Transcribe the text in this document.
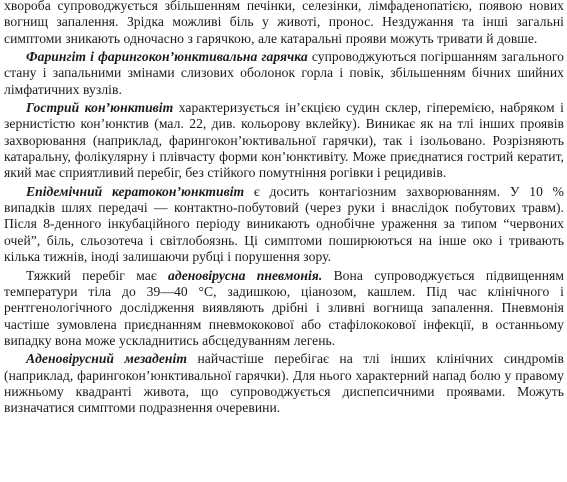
хвороба супроводжується збільшенням печінки, селезінки, лімфаденопатією, появою нових вогнищ запалення. Зрідка можливі біль у животі, пронос. Нездужання та інші загальні симптоми зникають одночасно з гарячкою, але катаральні прояви можуть тривати й довше.

Фарингіт і фарингокон’юнктивальна гарячка супроводжуються погіршанням загального стану і запальними змінами слизових оболонок горла і повік, збільшенням бічних шийних лімфатичних вузлів.

Гострий кон’юнктивіт характеризується ін’єкцією судин склер, гіперемією, набряком і зернистістю кон’юнктив (мал. 22, див. кольорову вклейку). Виникає як на тлі інших проявів захворювання (наприклад, фарингокон’юктивальної гарячки), так і ізольовано. Розрізняють катаральну, фолікулярну і плівчасту форми кон’юнктивіту. Може приєднатися гострий кератит, який має сприятливий перебіг, без стійкого помутніння рогівки і рецидивів.

Епідемічний кератокон’юнктивіт є досить контагіозним захворюванням. У 10 % випадків шлях передачі — контактно-побутовий (через руки і внаслідок побутових травм). Після 8-денного інкубаційного періоду виникають однобічне ураження за типом “червоних очей”, біль, сльозотеча і світлобоязнь. Ці симптоми поширюються на інше око і тривають кілька тижнів, іноді залишаючи рубці і порушення зору.

Тяжкий перебіг має аденовірусна пневмонія. Вона супроводжується підвищенням температури тіла до 39—40 °С, задишкою, ціанозом, кашлем. Під час клінічного і рентгенологічного дослідження виявляють дрібні і зливні вогнища запалення. Пневмонія частіше зумовлена приєднанням пневмококової або стафілококової інфекції, в останньому випадку вона може ускладнитись абсцедуванням легень.

Аденовірусний мезаденіт найчастіше перебігає на тлі інших клінічних синдромів (наприклад, фарингокон’юнктивальної гарячки). Для нього характерний напад болю у правому нижньому квадранті живота, що супроводжується диспепсичними проявами. Можуть визначатися симптоми подразнення очеревини.
